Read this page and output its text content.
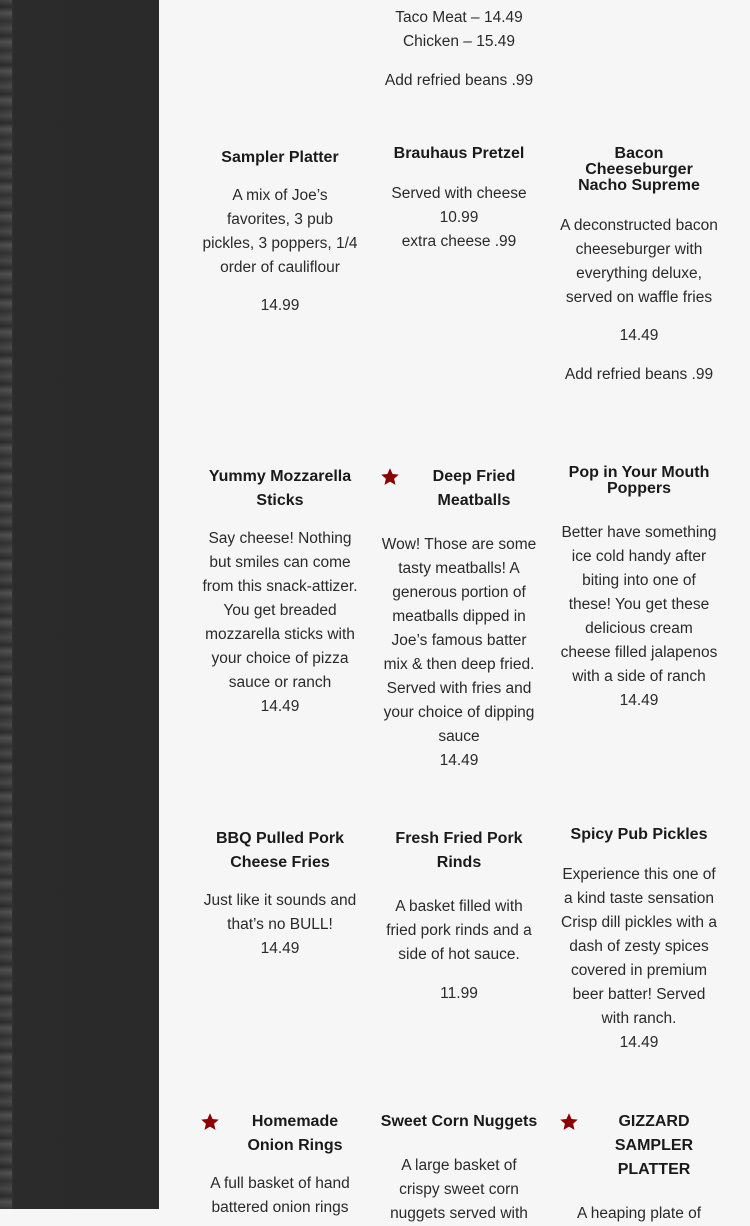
Taco Meat – 14.49
Chicken – 15.49
Add refried beans .99
Sampler Platter
A mix of Joe’s favorites, 3 pub pickles, 3 poppers, 1/4 order of cauliflour
14.99
Brauhaus Pretzel
Served with cheese
10.99
extra cheese .99
Bacon Cheeseburger Nacho Supreme
A deconstructed bacon cheeseburger with everything deluxe, served on waffle fries
14.49
Add refried beans .99
Yummy Mozzarella Sticks
Say cheese! Nothing but smiles can come from this snack-attizer. You get breaded mozzarella sticks with your choice of pizza sauce or ranch
14.49
Deep Fried Meatballs
Wow! Those are some tasty meatballs! A generous portion of meatballs dipped in Joe’s famous batter mix & then deep fried. Served with fries and your choice of dipping sauce
14.49
Pop in Your Mouth Poppers
Better have something ice cold handy after biting into one of these! You get these delicious cream cheese filled jalapenos with a side of ranch
14.49
BBQ Pulled Pork Cheese Fries
Just like it sounds and that’s no BULL!
14.49
Fresh Fried Pork Rinds
A basket filled with fried pork rinds and a side of hot sauce.
11.99
Spicy Pub Pickles
Experience this one of a kind taste sensation Crisp dill pickles with a dash of zesty spices covered in premium beer batter! Served with ranch.
14.49
Homemade Onion Rings
A full basket of hand battered onion rings
Sweet Corn Nuggets
A large basket of crispy sweet corn nuggets served with
GIZZARD SAMPLER PLATTER
A heaping plate of
